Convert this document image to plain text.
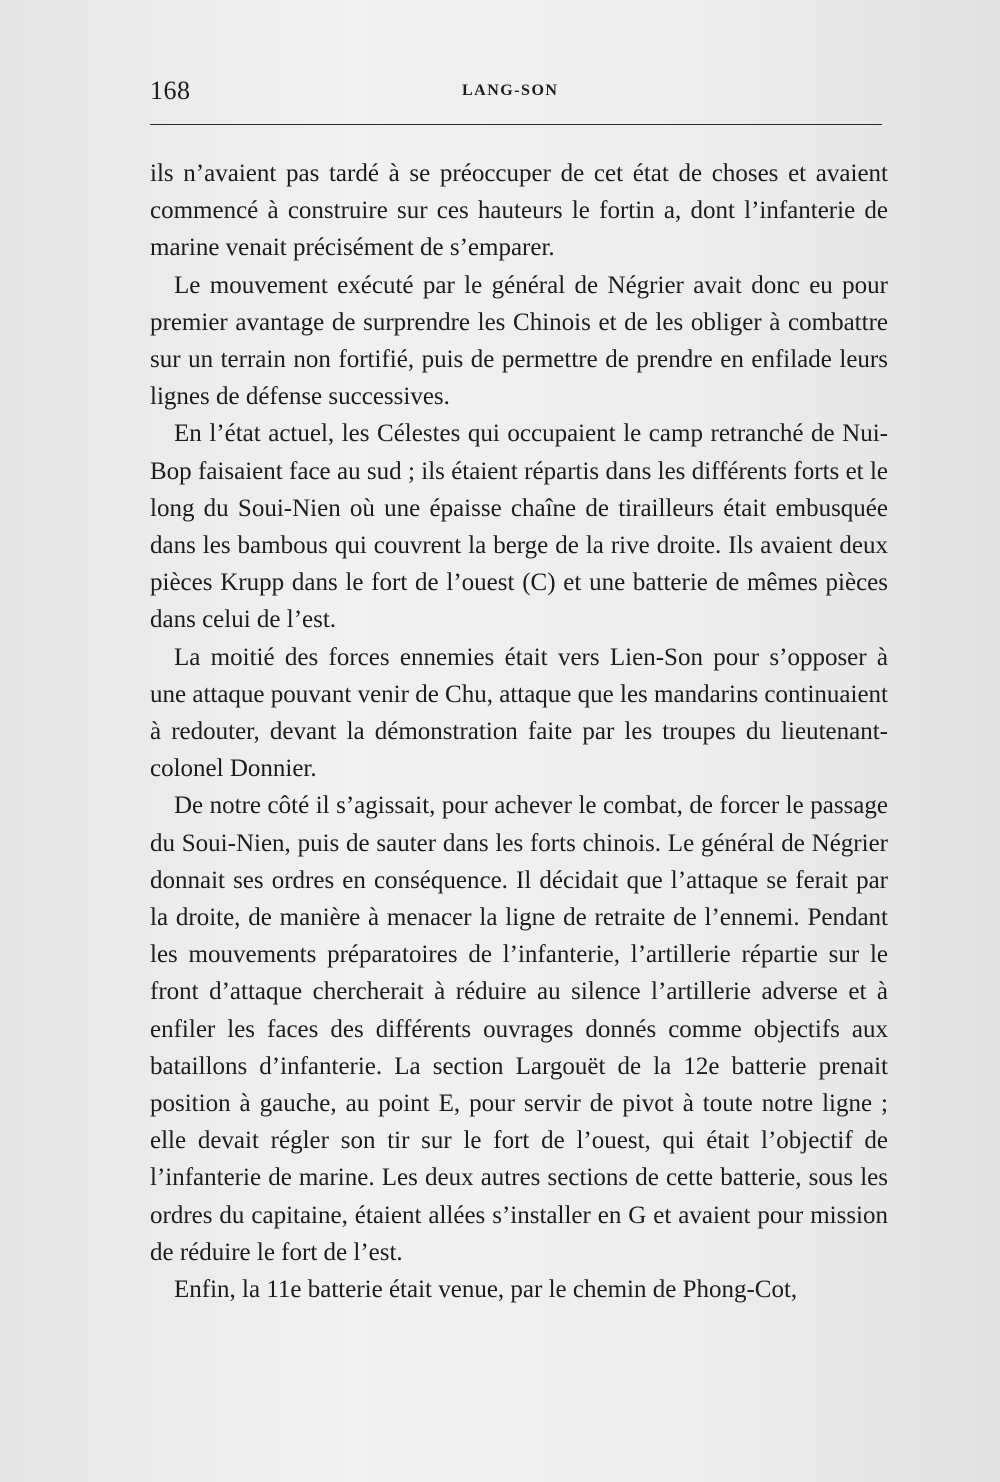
168	LANG-SON

ils n’avaient pas tardé à se préoccuper de cet état de choses et avaient commencé à construire sur ces hauteurs le fortin a, dont l’infanterie de marine venait précisément de s’emparer.

Le mouvement exécuté par le général de Négrier avait donc eu pour premier avantage de surprendre les Chinois et de les obliger à combattre sur un terrain non fortifié, puis de permettre de prendre en enfilade leurs lignes de défense successives.

En l’état actuel, les Célestes qui occupaient le camp retranché de Nui-Bop faisaient face au sud ; ils étaient répartis dans les différents forts et le long du Soui-Nien où une épaisse chaîne de tirailleurs était embusquée dans les bambous qui couvrent la berge de la rive droite. Ils avaient deux pièces Krupp dans le fort de l’ouest (C) et une batterie de mêmes pièces dans celui de l’est.

La moitié des forces ennemies était vers Lien-Son pour s’opposer à une attaque pouvant venir de Chu, attaque que les mandarins continuaient à redouter, devant la démonstration faite par les troupes du lieutenant-colonel Donnier.

De notre côté il s’agissait, pour achever le combat, de forcer le passage du Soui-Nien, puis de sauter dans les forts chinois. Le général de Négrier donnait ses ordres en conséquence. Il décidait que l’attaque se ferait par la droite, de manière à menacer la ligne de retraite de l’ennemi. Pendant les mouvements préparatoires de l’infanterie, l’artillerie répartie sur le front d’attaque chercherait à réduire au silence l’artillerie adverse et à enfiler les faces des différents ouvrages donnés comme objectifs aux bataillons d’infanterie. La section Largouët de la 12e batterie prenait position à gauche, au point E, pour servir de pivot à toute notre ligne ; elle devait régler son tir sur le fort de l’ouest, qui était l’objectif de l’infanterie de marine. Les deux autres sections de cette batterie, sous les ordres du capitaine, étaient allées s’installer en G et avaient pour mission de réduire le fort de l’est.

Enfin, la 11e batterie était venue, par le chemin de Phong-Cot,
